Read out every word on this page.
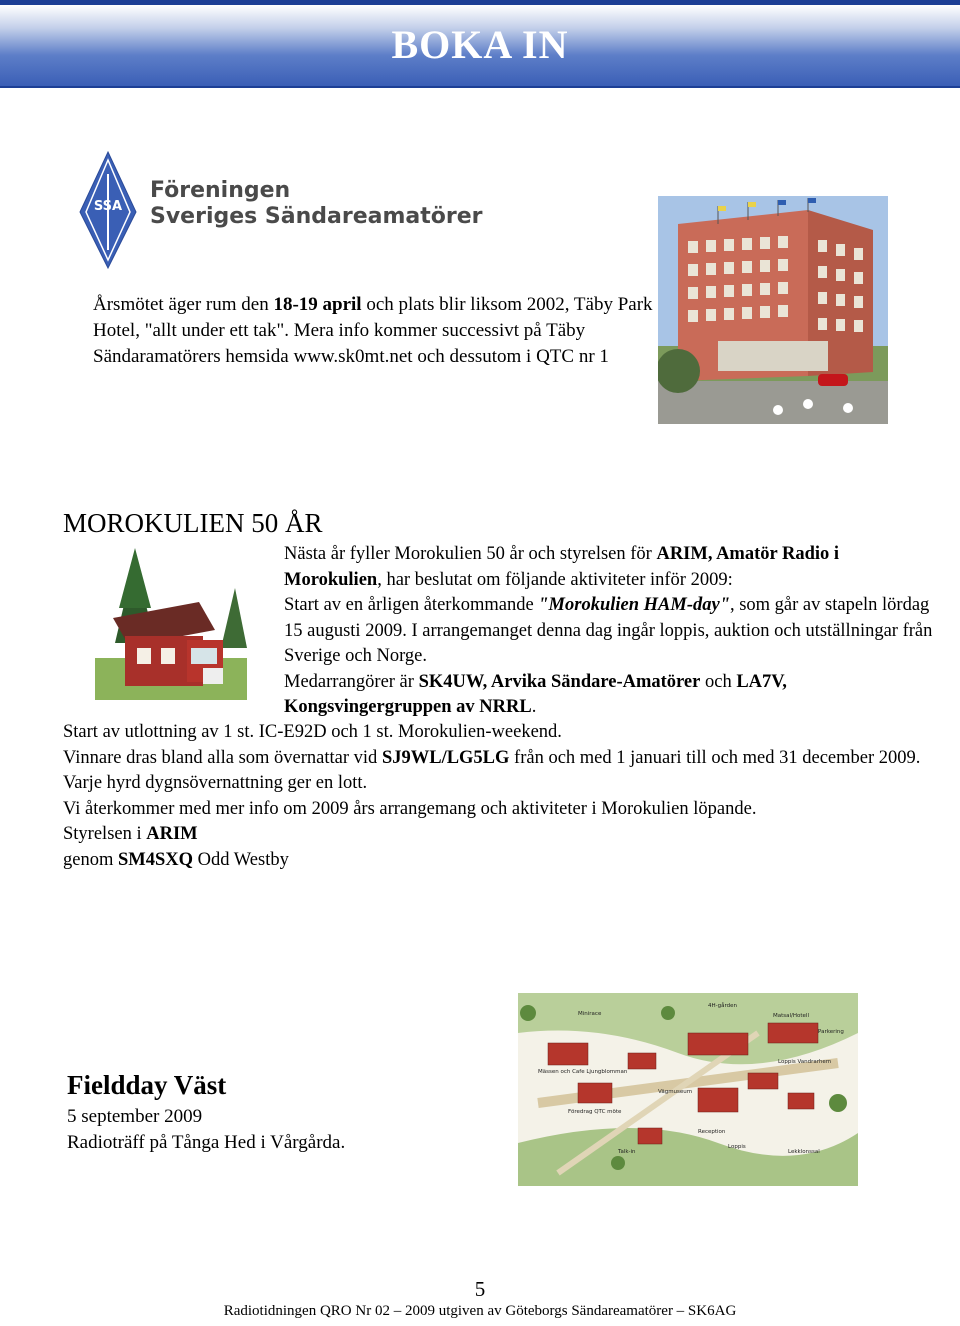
BOKA IN
SSA
Föreningen
Sveriges Sändareamatörer

Årsmötet äger rum den 18-19 april och plats blir liksom 2002, Täby Park Hotel, "allt under ett tak". Mera info kommer successivt på Täby Sändaramatörers hemsida www.sk0mt.net och dessutom i QTC nr 1

MOROKULIEN 50 ÅR

Nästa år fyller Morokulien 50 år och styrelsen för ARIM, Amatör Radio i Morokulien, har beslutat om följande aktiviteter inför 2009:

Start av en årligen återkommande "Morokulien HAM-day", som går av stapeln lördag 15 augusti 2009. I arrangemanget denna dag ingår loppis, auktion och utställningar från Sverige och Norge.

Medarrangörer är SK4UW, Arvika Sändare-Amatörer och LA7V, Kongsvingergruppen av NRRL.

Start av utlottning av 1 st. IC-E92D och 1 st. Morokulien-weekend.

Vinnare dras bland alla som övernattar vid SJ9WL/LG5LG från och med 1 januari till och med 31 december 2009. Varje hyrd dygnsövernattning ger en lott.

Vi återkommer med mer info om 2009 års arrangemang och aktiviteter i Morokulien löpande.

Styrelsen i ARIM

genom SM4SXQ Odd Westby

Fieldday Väst
5 september 2009
Radioträff på Tånga Hed i Vårgårda.
Minirace
4H-gården
Matsal/Hotell
Parkering
Loppis Vandrarhem
Mässen och Cafe Ljungblomman
Vägmuseum
Föredrag QTC möte
Reception
Loppis
Lekklonssal
Talk-in
5
Radiotidningen QRO Nr 02 – 2009 utgiven av Göteborgs Sändareamatörer – SK6AG
